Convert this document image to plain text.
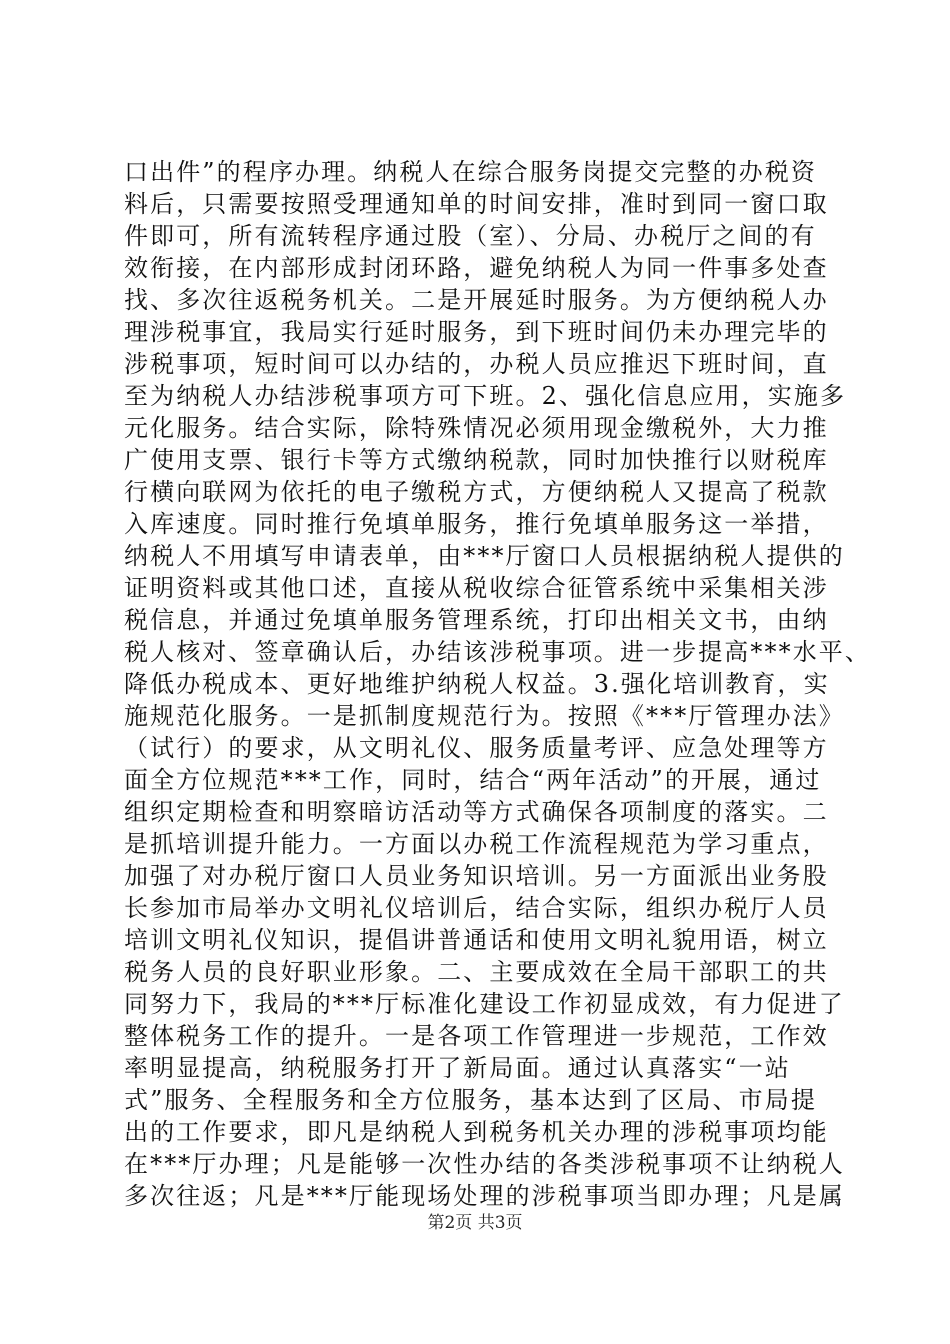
口出件”的程序办理。纳税人在综合服务岗提交完整的办税资
料后，只需要按照受理通知单的时间安排，准时到同一窗口取
件即可，所有流转程序通过股（室）、分局、办税厅之间的有
效衔接，在内部形成封闭环路，避免纳税人为同一件事多处查
找、多次往返税务机关。二是开展延时服务。为方便纳税人办
理涉税事宜，我局实行延时服务，到下班时间仍未办理完毕的
涉税事项，短时间可以办结的，办税人员应推迟下班时间，直
至为纳税人办结涉税事项方可下班。2、强化信息应用，实施多
元化服务。结合实际，除特殊情况必须用现金缴税外，大力推
广使用支票、银行卡等方式缴纳税款，同时加快推行以财税库
行横向联网为依托的电子缴税方式，方便纳税人又提高了税款
入库速度。同时推行免填单服务，推行免填单服务这一举措，
纳税人不用填写申请表单，由***厅窗口人员根据纳税人提供的
证明资料或其他口述，直接从税收综合征管系统中采集相关涉
税信息，并通过免填单服务管理系统，打印出相关文书，由纳
税人核对、签章确认后，办结该涉税事项。进一步提高***水平、
降低办税成本、更好地维护纳税人权益。3.强化培训教育，实
施规范化服务。一是抓制度规范行为。按照《***厅管理办法》
（试行）的要求，从文明礼仪、服务质量考评、应急处理等方
面全方位规范***工作，同时，结合“两年活动”的开展，通过
组织定期检查和明察暗访活动等方式确保各项制度的落实。二
是抓培训提升能力。一方面以办税工作流程规范为学习重点，
加强了对办税厅窗口人员业务知识培训。另一方面派出业务股
长参加市局举办文明礼仪培训后，结合实际，组织办税厅人员
培训文明礼仪知识，提倡讲普通话和使用文明礼貌用语，树立
税务人员的良好职业形象。二、主要成效在全局干部职工的共
同努力下，我局的***厅标准化建设工作初显成效，有力促进了
整体税务工作的提升。一是各项工作管理进一步规范，工作效
率明显提高，纳税服务打开了新局面。通过认真落实“一站
式”服务、全程服务和全方位服务，基本达到了区局、市局提
出的工作要求，即凡是纳税人到税务机关办理的涉税事项均能
在***厅办理；凡是能够一次性办结的各类涉税事项不让纳税人
多次往返；凡是***厅能现场处理的涉税事项当即办理；凡是属
第2页 共3页
